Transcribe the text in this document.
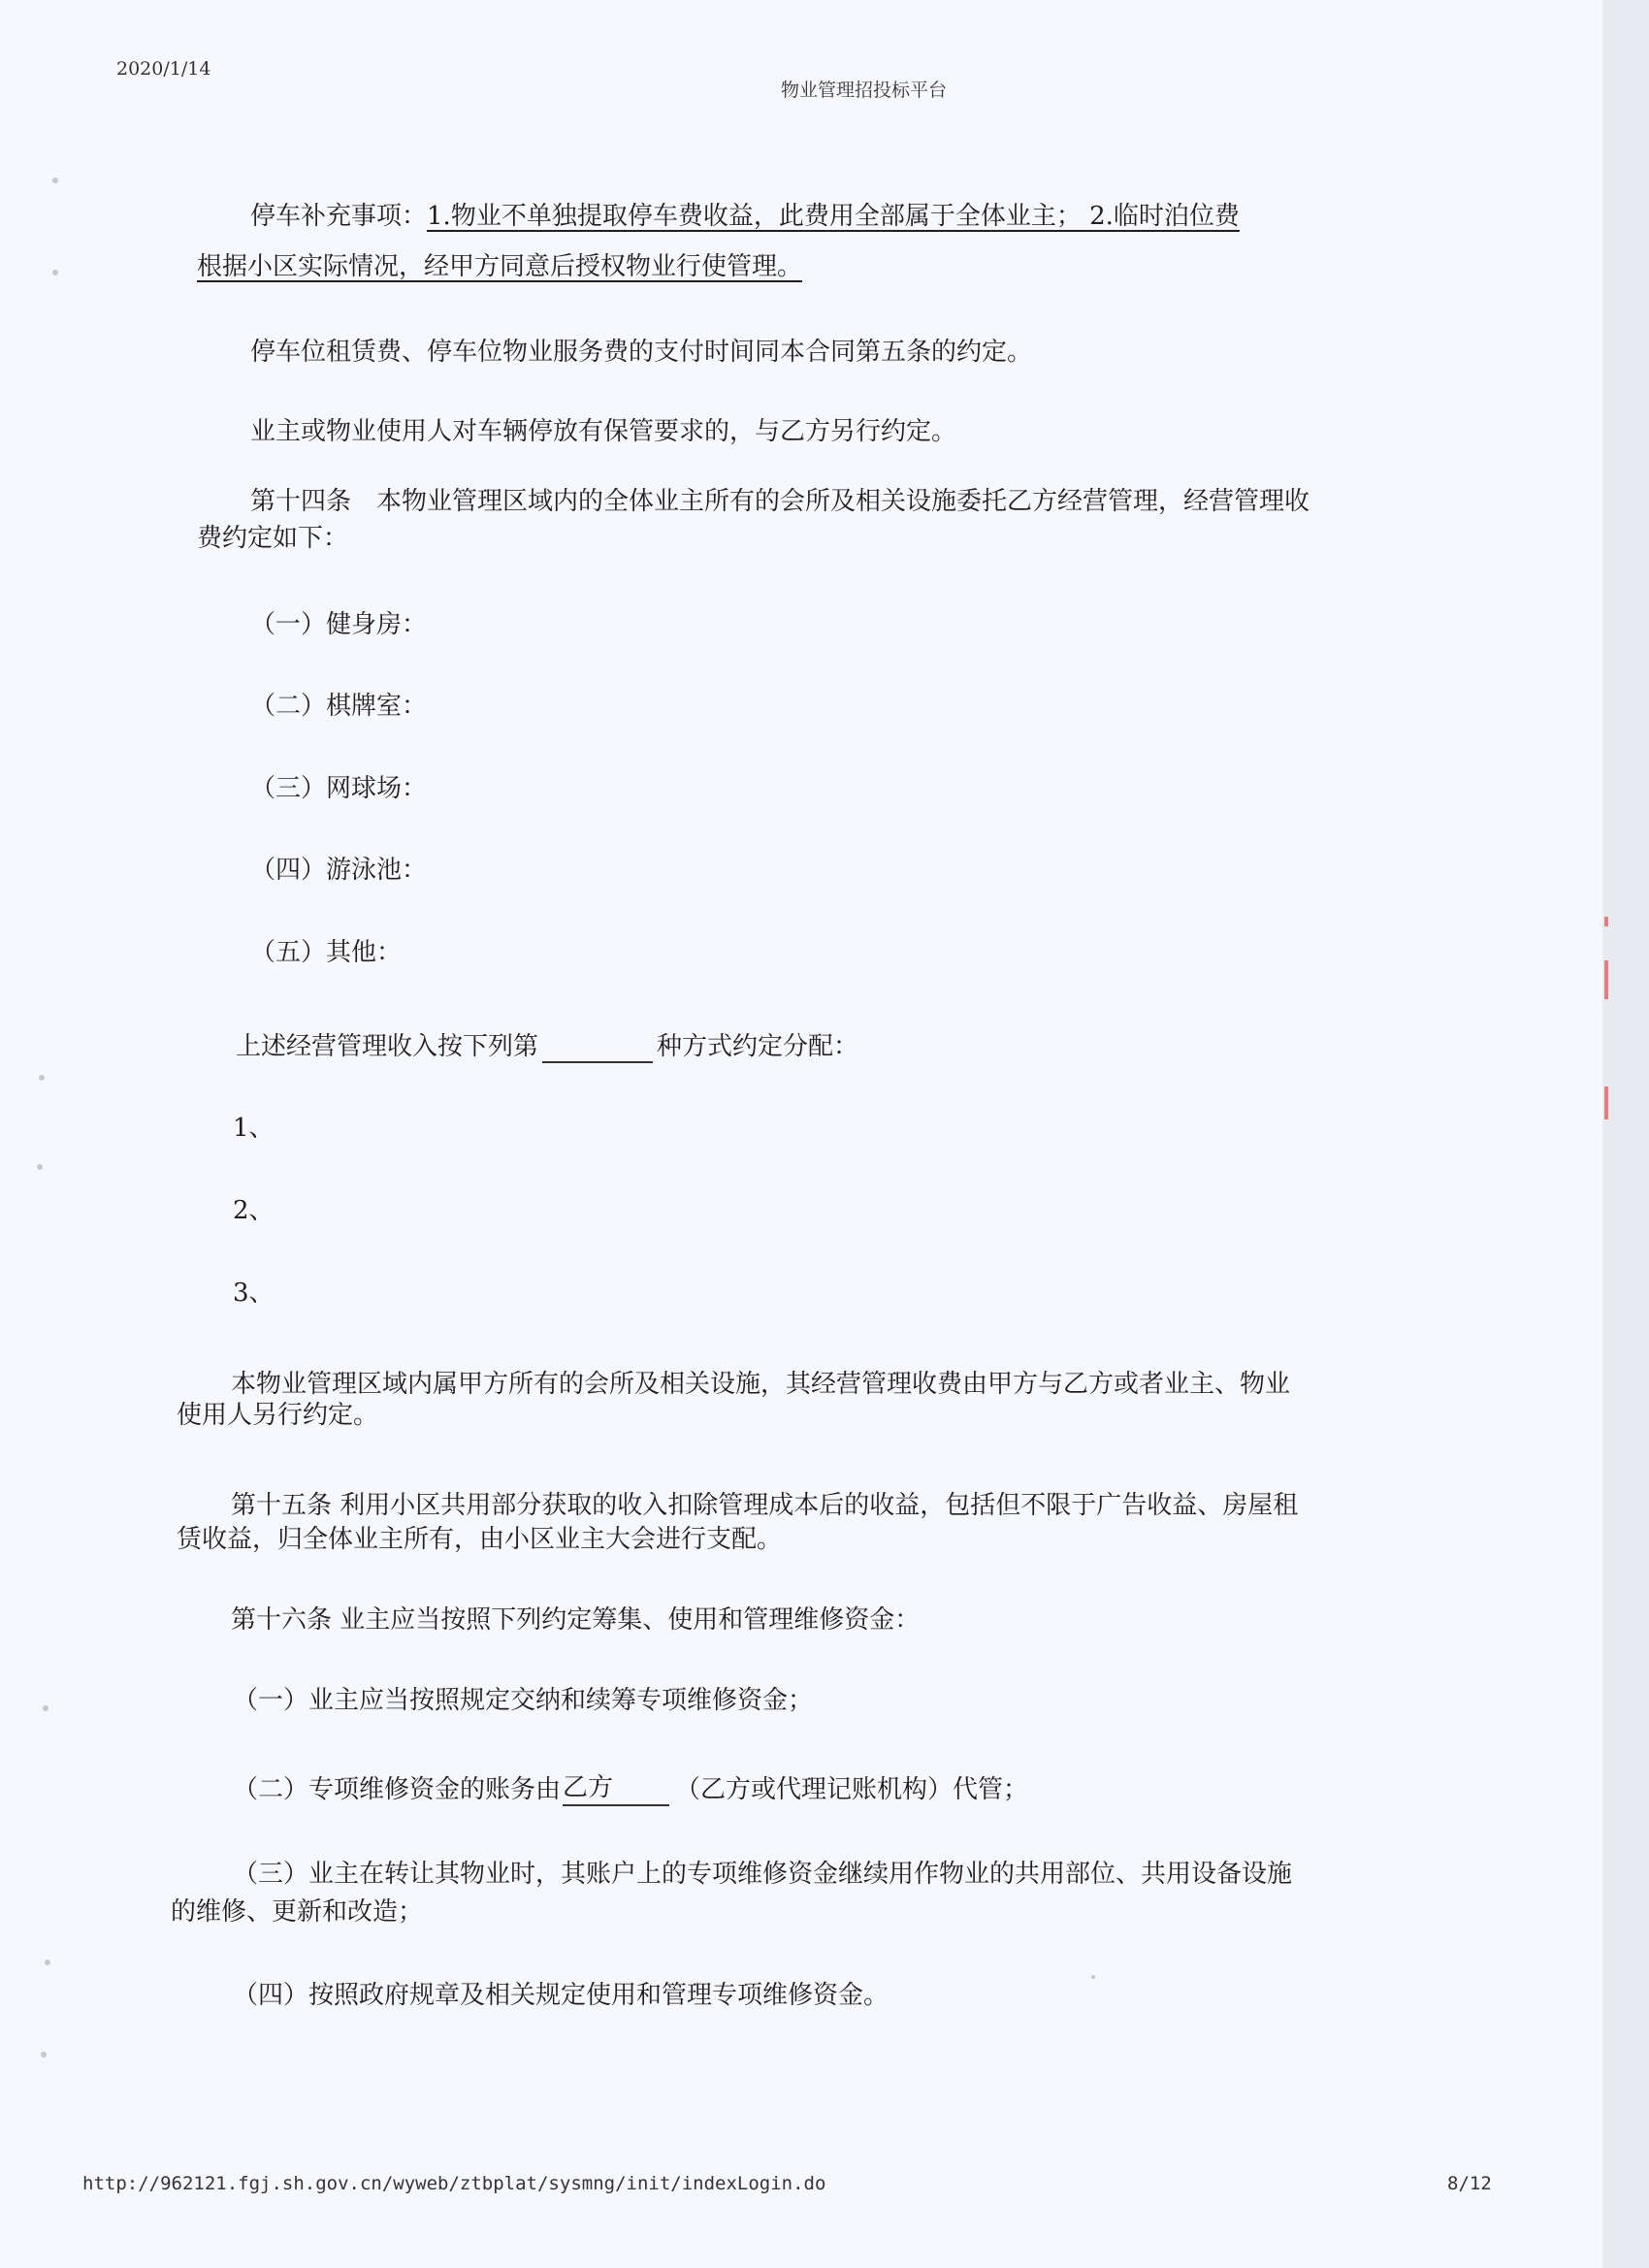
2020/1/14
物业管理招投标平台
停车补充事项：1.物业不单独提取停车费收益，此费用全部属于全体业主； 2.临时泊位费
根据小区实际情况，经甲方同意后授权物业行使管理。
停车位租赁费、停车位物业服务费的支付时间同本合同第五条的约定。
业主或物业使用人对车辆停放有保管要求的，与乙方另行约定。
第十四条　本物业管理区域内的全体业主所有的会所及相关设施委托乙方经营管理，经营管理收
费约定如下：
（一）健身房：
（二）棋牌室：
（三）网球场：
（四）游泳池：
（五）其他：
上述经营管理收入按下列第	种方式约定分配：
1、
2、
3、
本物业管理区域内属甲方所有的会所及相关设施，其经营管理收费由甲方与乙方或者业主、物业
使用人另行约定。
第十五条 利用小区共用部分获取的收入扣除管理成本后的收益，包括但不限于广告收益、房屋租
赁收益，归全体业主所有，由小区业主大会进行支配。
第十六条 业主应当按照下列约定筹集、使用和管理维修资金：
（一）业主应当按照规定交纳和续筹专项维修资金；
（二）专项维修资金的账务由乙方 （乙方或代理记账机构）代管；
（三）业主在转让其物业时，其账户上的专项维修资金继续用作物业的共用部位、共用设备设施
的维修、更新和改造；
（四）按照政府规章及相关规定使用和管理专项维修资金。
http://962121.fgj.sh.gov.cn/wyweb/ztbplat/sysmng/init/indexLogin.do	8/12
